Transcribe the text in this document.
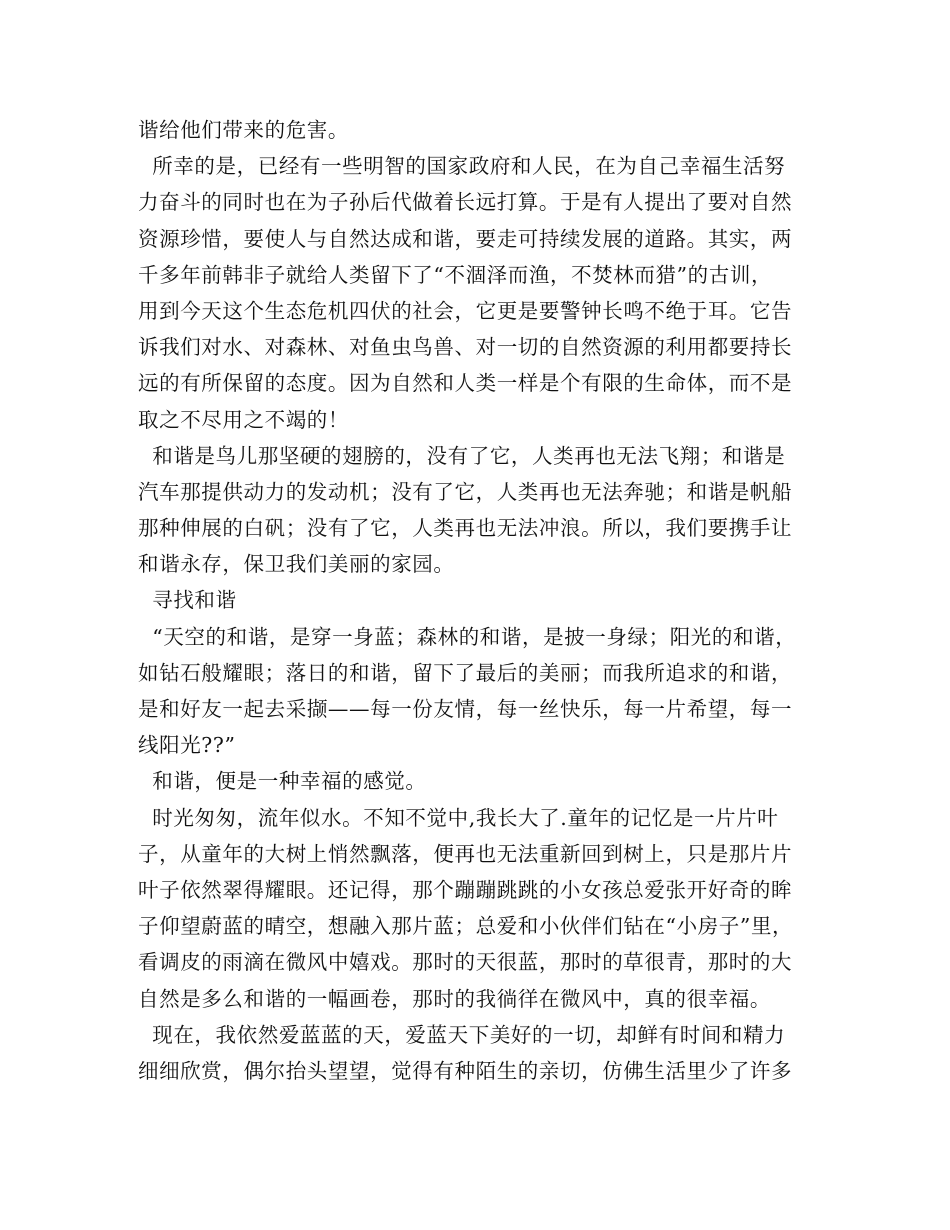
谐给他们带来的危害。
所幸的是，已经有一些明智的国家政府和人民，在为自己幸福生活努
力奋斗的同时也在为子孙后代做着长远打算。于是有人提出了要对自然
资源珍惜，要使人与自然达成和谐，要走可持续发展的道路。其实，两
千多年前韩非子就给人类留下了“不涸泽而渔，不焚林而猎”的古训，
用到今天这个生态危机四伏的社会，它更是要警钟长鸣不绝于耳。它告
诉我们对水、对森林、对鱼虫鸟兽、对一切的自然资源的利用都要持长
远的有所保留的态度。因为自然和人类一样是个有限的生命体，而不是
取之不尽用之不竭的！
和谐是鸟儿那坚硬的翅膀的，没有了它，人类再也无法飞翔；和谐是
汽车那提供动力的发动机；没有了它，人类再也无法奔驰；和谐是帆船
那种伸展的白矾；没有了它，人类再也无法冲浪。所以，我们要携手让
和谐永存，保卫我们美丽的家园。
寻找和谐
“天空的和谐，是穿一身蓝；森林的和谐，是披一身绿；阳光的和谐，
如钻石般耀眼；落日的和谐，留下了最后的美丽；而我所追求的和谐，
是和好友一起去采撷——每一份友情，每一丝快乐，每一片希望，每一
线阳光??”
和谐，便是一种幸福的感觉。
时光匆匆，流年似水。不知不觉中,我长大了.童年的记忆是一片片叶
子，从童年的大树上悄然飘落，便再也无法重新回到树上，只是那片片
叶子依然翠得耀眼。还记得，那个蹦蹦跳跳的小女孩总爱张开好奇的眸
子仰望蔚蓝的晴空，想融入那片蓝；总爱和小伙伴们钻在“小房子”里，
看调皮的雨滴在微风中嬉戏。那时的天很蓝，那时的草很青，那时的大
自然是多么和谐的一幅画卷，那时的我徜徉在微风中，真的很幸福。
现在，我依然爱蓝蓝的天，爱蓝天下美好的一切，却鲜有时间和精力
细细欣赏，偶尔抬头望望，觉得有种陌生的亲切，仿佛生活里少了许多
